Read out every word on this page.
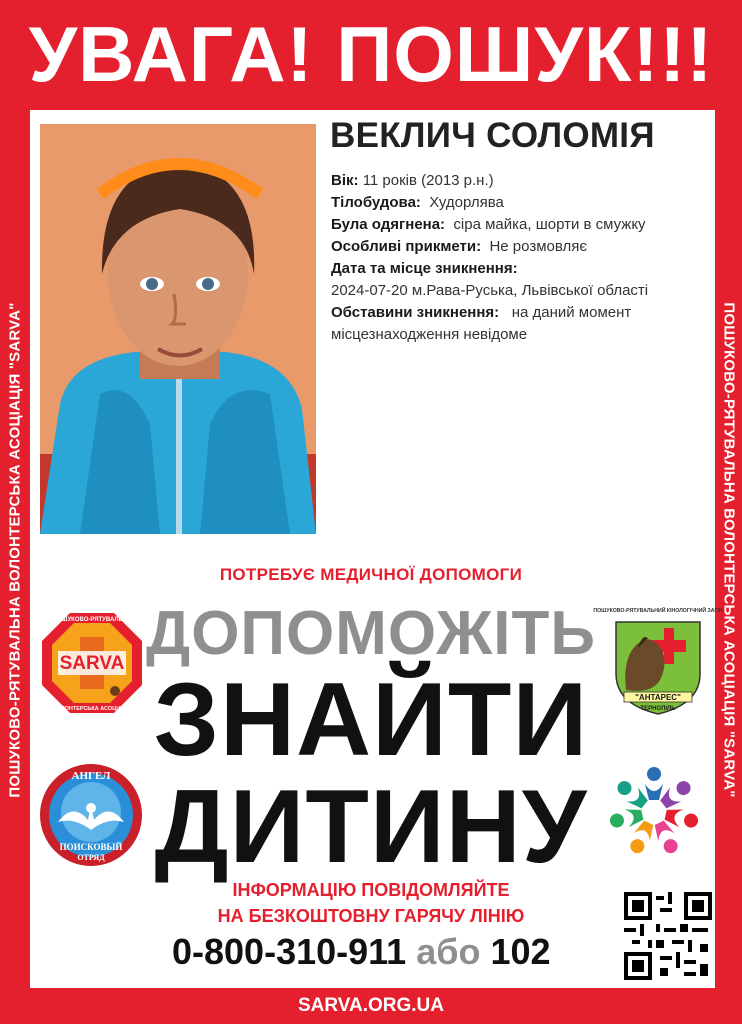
УВАГА! ПОШУК!!!
ПОШУКОВО-РЯТУВАЛЬНА ВОЛОНТЕРСЬКА АСОЦІАЦІЯ "SARVA"	ПОШУКОВО-РЯТУВАЛЬНА ВОЛОНТЕРСЬКА АСОЦІАЦІЯ "SARVA"
ВЕКЛИЧ СОЛОМІЯ
Вік: 11 років (2013 р.н.)
Тілобудова: Худорлява
Була одягнена: сіра майка, шорти в смужку
Особливі прикмети: Не розмовляє
Дата та місце зникнення:
2024-07-20 м.Рава-Руська, Львівської області
Обставини зникнення: на даний момент
місцезнаходження невідоме
ПОТРЕБУЄ МЕДИЧНОЇ ДОПОМОГИ
ДОПОМОЖІТЬ
ЗНАЙТИ
ДИТИНУ
SARVA
ПОШУКОВО-РЯТУВАЛЬНА
ВОЛОНТЕРСЬКА АСОЦІАЦІЯ
АНГЕЛ
ПОИСКОВЫЙ
ОТРЯД
ПОШУКОВО-РЯТУВАЛЬНИЙ КІНОЛОГІЧНИЙ ЗАГІН
"АНТАРЕС"
ТЕРНОПІЛЬ
ІНФОРМАЦІЮ ПОВІДОМЛЯЙТЕ
НА БЕЗКОШТОВНУ ГАРЯЧУ ЛІНІЮ
0-800-310-911 або 102
SARVA.ORG.UA
